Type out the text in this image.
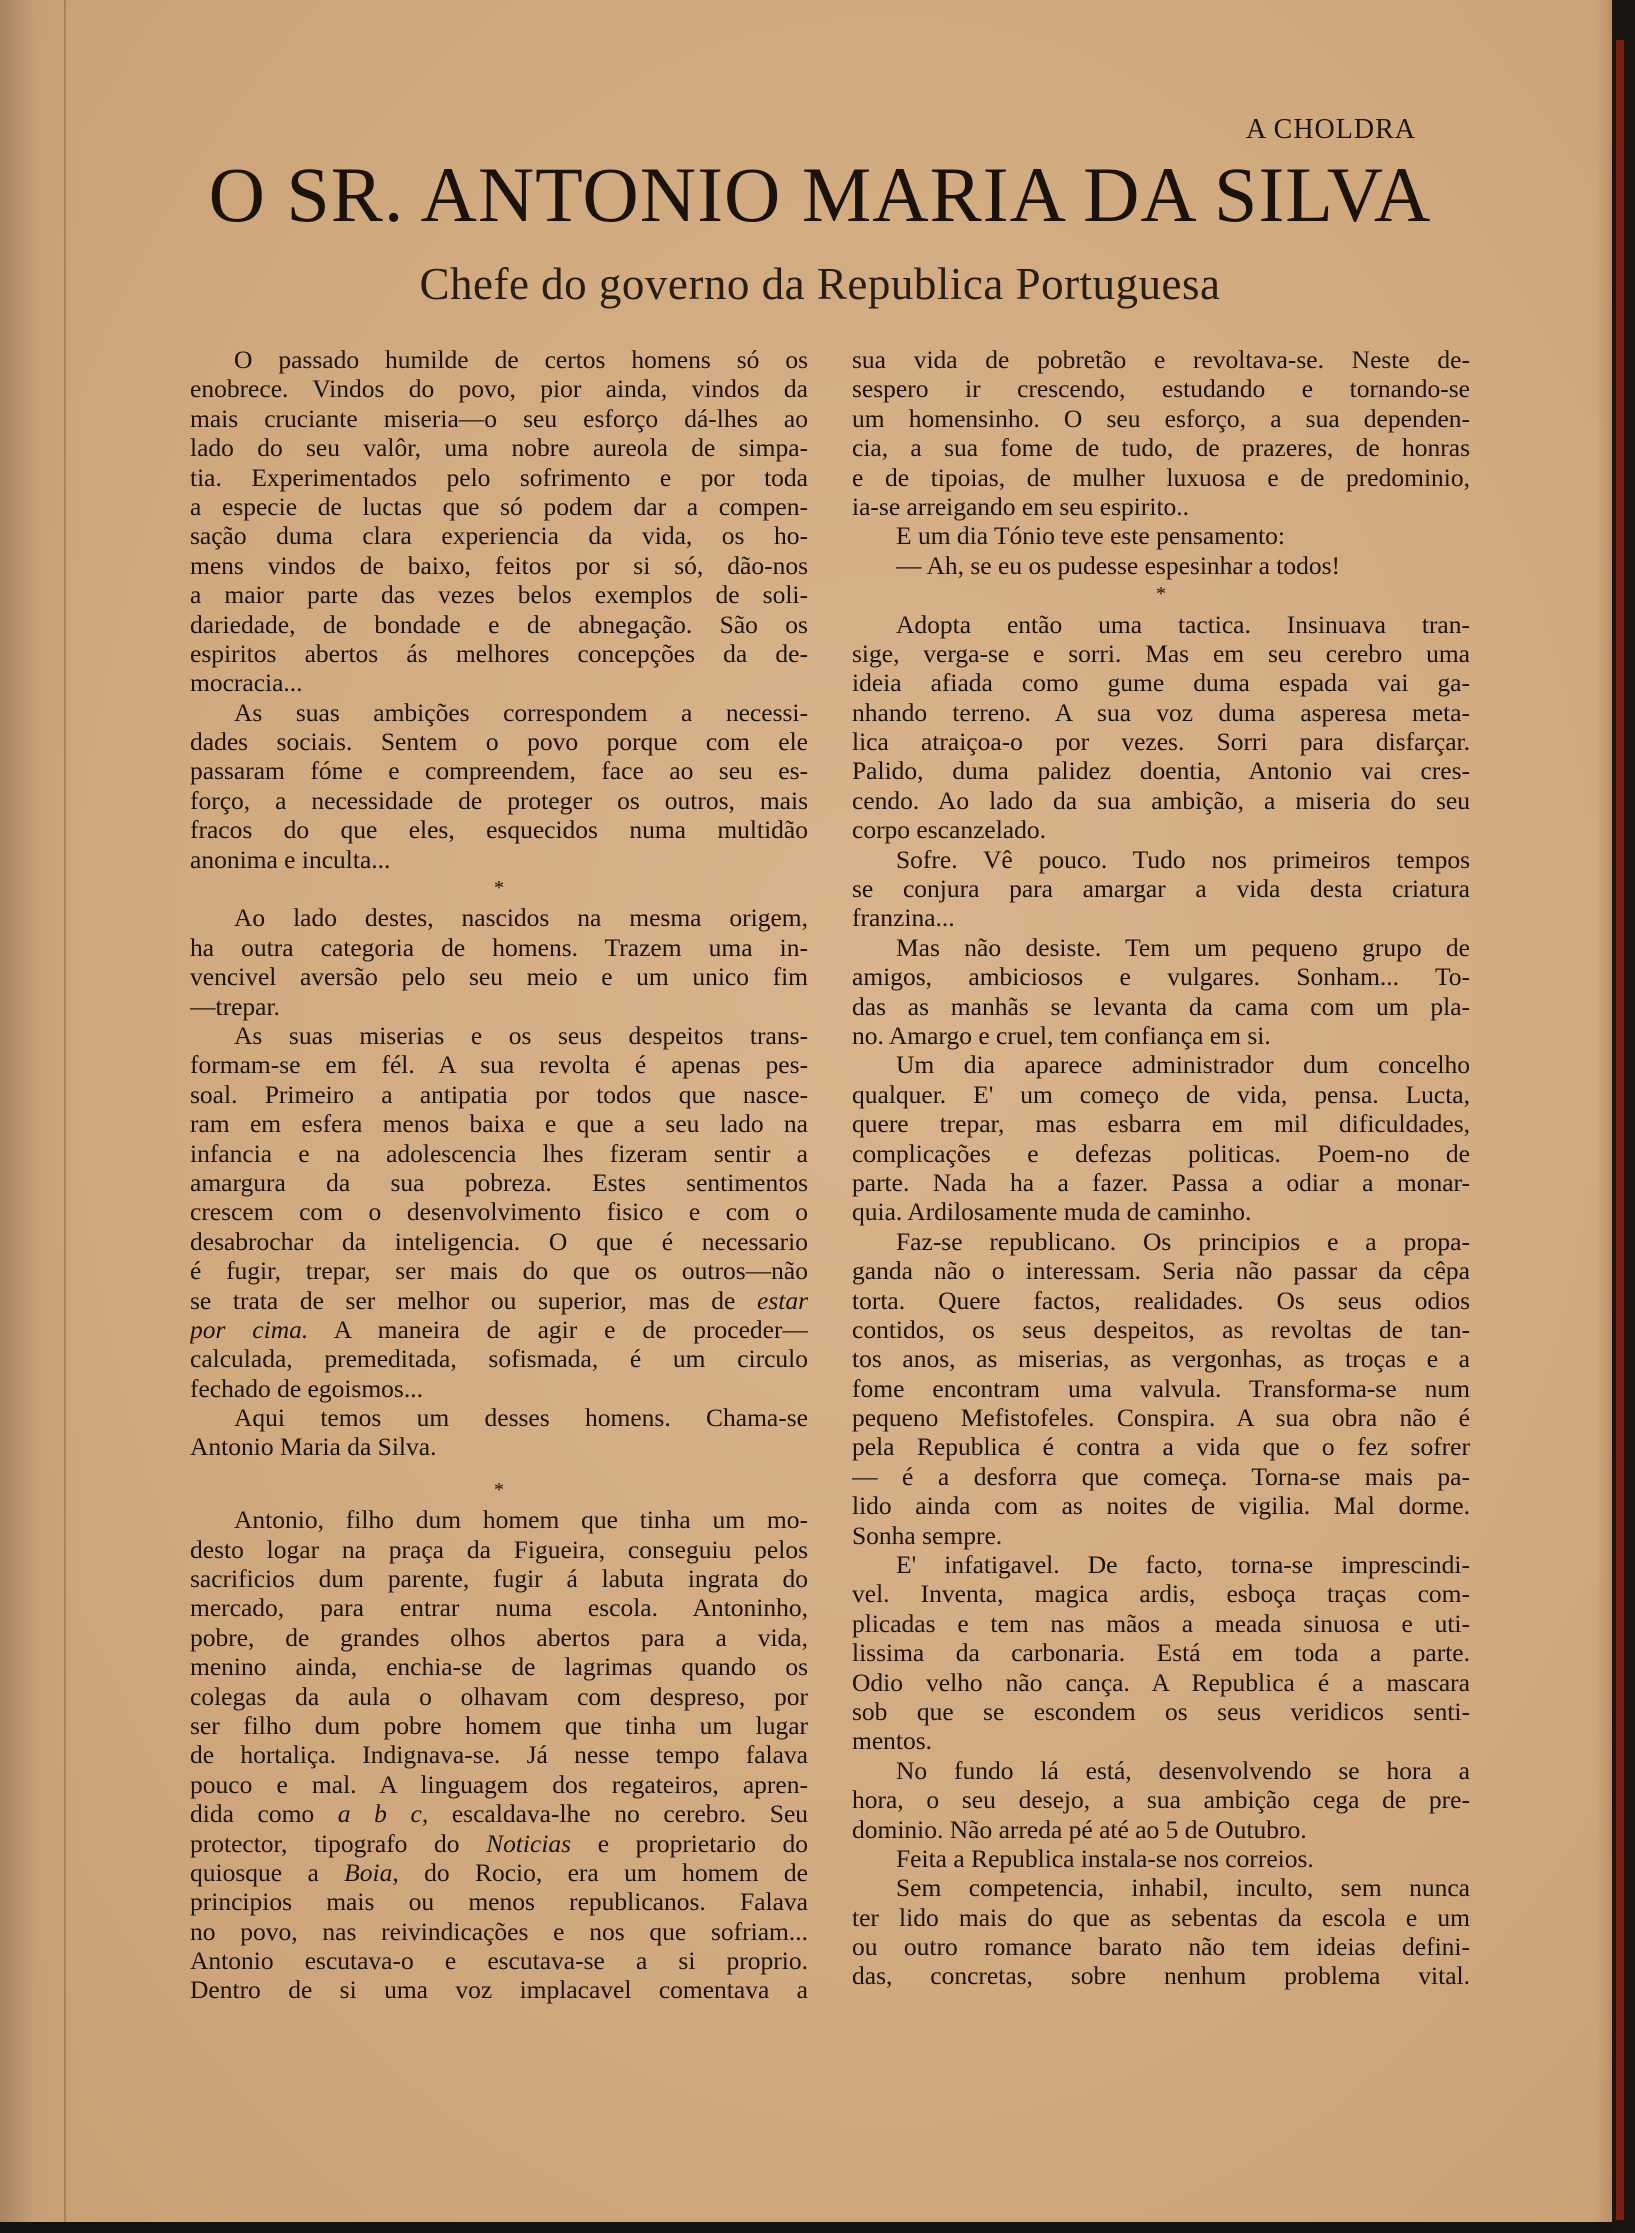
A CHOLDRA
O SR. ANTONIO MARIA DA SILVA
Chefe do governo da Republica Portuguesa
O passado humilde de certos homens só os
enobrece. Vindos do povo, pior ainda, vindos da
mais cruciante miseria—o seu esforço dá-lhes ao
lado do seu valôr, uma nobre aureola de simpa-
tia. Experimentados pelo sofrimento e por toda
a especie de luctas que só podem dar a compen-
sação duma clara experiencia da vida, os ho-
mens vindos de baixo, feitos por si só, dão-nos
a maior parte das vezes belos exemplos de soli-
dariedade, de bondade e de abnegação. São os
espiritos abertos ás melhores concepções da de-
mocracia...
As suas ambições correspondem a necessi-
dades sociais. Sentem o povo porque com ele
passaram fóme e compreendem, face ao seu es-
forço, a necessidade de proteger os outros, mais
fracos do que eles, esquecidos numa multidão
anonima e inculta...
*
Ao lado destes, nascidos na mesma origem,
ha outra categoria de homens. Trazem uma in-
vencivel aversão pelo seu meio e um unico fim
—trepar.
As suas miserias e os seus despeitos trans-
formam-se em fél. A sua revolta é apenas pes-
soal. Primeiro a antipatia por todos que nasce-
ram em esfera menos baixa e que a seu lado na
infancia e na adolescencia lhes fizeram sentir a
amargura da sua pobreza. Estes sentimentos
crescem com o desenvolvimento fisico e com o
desabrochar da inteligencia. O que é necessario
é fugir, trepar, ser mais do que os outros—não
se trata de ser melhor ou superior, mas de estar
por cima. A maneira de agir e de proceder—
calculada, premeditada, sofismada, é um circulo
fechado de egoismos...
Aqui temos um desses homens. Chama-se
Antonio Maria da Silva.
*
Antonio, filho dum homem que tinha um mo-
desto logar na praça da Figueira, conseguiu pelos
sacrificios dum parente, fugir á labuta ingrata do
mercado, para entrar numa escola. Antoninho,
pobre, de grandes olhos abertos para a vida,
menino ainda, enchia-se de lagrimas quando os
colegas da aula o olhavam com despreso, por
ser filho dum pobre homem que tinha um lugar
de hortaliça. Indignava-se. Já nesse tempo falava
pouco e mal. A linguagem dos regateiros, apren-
dida como a b c, escaldava-lhe no cerebro. Seu
protector, tipografo do Noticias e proprietario do
quiosque a Boia, do Rocio, era um homem de
principios mais ou menos republicanos. Falava
no povo, nas reivindicações e nos que sofriam...
Antonio escutava-o e escutava-se a si proprio.
Dentro de si uma voz implacavel comentava a
sua vida de pobretão e revoltava-se. Neste de-
sespero ir crescendo, estudando e tornando-se
um homensinho. O seu esforço, a sua dependen-
cia, a sua fome de tudo, de prazeres, de honras
e de tipoias, de mulher luxuosa e de predominio,
ia-se arreigando em seu espirito..
E um dia Tónio teve este pensamento:
— Ah, se eu os pudesse espesinhar a todos!
*
Adopta então uma tactica. Insinuava tran-
sige, verga-se e sorri. Mas em seu cerebro uma
ideia afiada como gume duma espada vai ga-
nhando terreno. A sua voz duma asperesa meta-
lica atraiçoa-o por vezes. Sorri para disfarçar.
Palido, duma palidez doentia, Antonio vai cres-
cendo. Ao lado da sua ambição, a miseria do seu
corpo escanzelado.
Sofre. Vê pouco. Tudo nos primeiros tempos
se conjura para amargar a vida desta criatura
franzina...
Mas não desiste. Tem um pequeno grupo de
amigos, ambiciosos e vulgares. Sonham... To-
das as manhãs se levanta da cama com um pla-
no. Amargo e cruel, tem confiança em si.
Um dia aparece administrador dum concelho
qualquer. E' um começo de vida, pensa. Lucta,
quere trepar, mas esbarra em mil dificuldades,
complicações e defezas politicas. Poem-no de
parte. Nada ha a fazer. Passa a odiar a monar-
quia. Ardilosamente muda de caminho.
Faz-se republicano. Os principios e a propa-
ganda não o interessam. Seria não passar da cêpa
torta. Quere factos, realidades. Os seus odios
contidos, os seus despeitos, as revoltas de tan-
tos anos, as miserias, as vergonhas, as troças e a
fome encontram uma valvula. Transforma-se num
pequeno Mefistofeles. Conspira. A sua obra não é
pela Republica é contra a vida que o fez sofrer
— é a desforra que começa. Torna-se mais pa-
lido ainda com as noites de vigilia. Mal dorme.
Sonha sempre.
E' infatigavel. De facto, torna-se imprescindi-
vel. Inventa, magica ardis, esboça traças com-
plicadas e tem nas mãos a meada sinuosa e uti-
lissima da carbonaria. Está em toda a parte.
Odio velho não cança. A Republica é a mascara
sob que se escondem os seus veridicos senti-
mentos.
No fundo lá está, desenvolvendo se hora a
hora, o seu desejo, a sua ambição cega de pre-
dominio. Não arreda pé até ao 5 de Outubro.
Feita a Republica instala-se nos correios.
Sem competencia, inhabil, inculto, sem nunca
ter lido mais do que as sebentas da escola e um
ou outro romance barato não tem ideias defini-
das, concretas, sobre nenhum problema vital.
